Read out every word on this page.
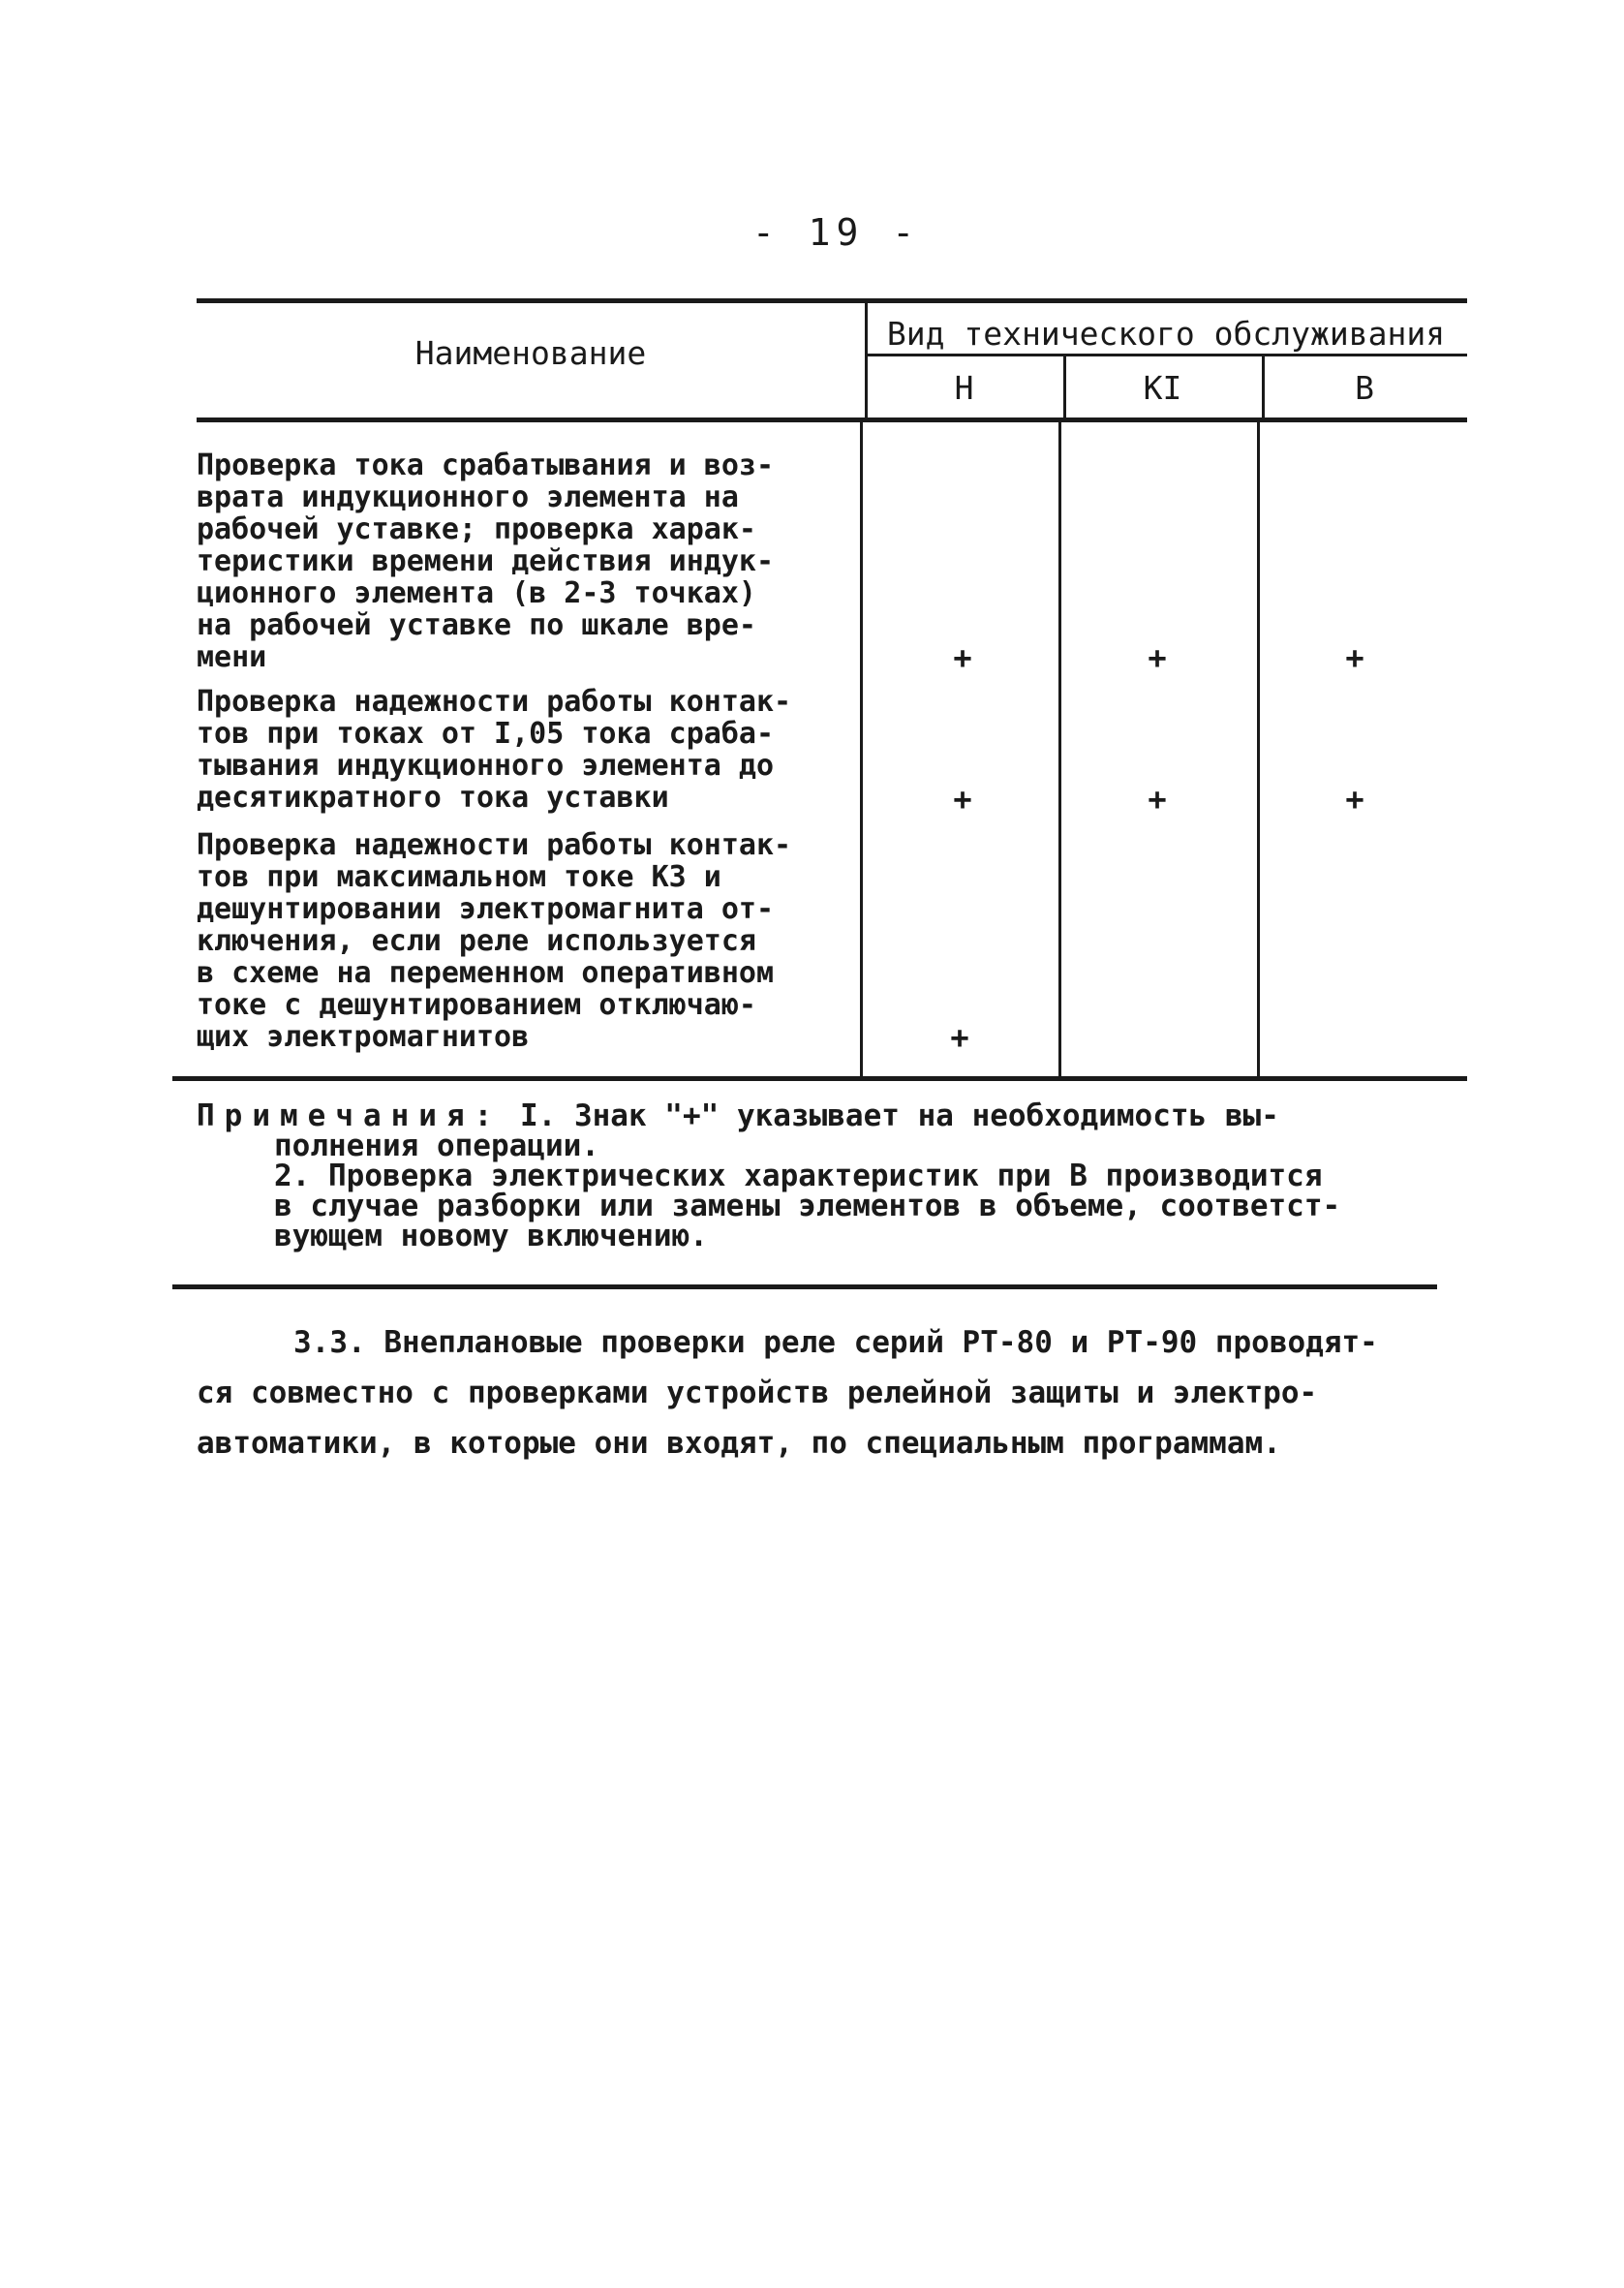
- 19 -
Наименование
Вид технического обслуживания
Н	КI	В
Проверка тока срабатывания и воз-
врата индукционного элемента на
рабочей уставке; проверка харак-
теристики времени действия индук-
ционного элемента (в 2-3 точках)
на рабочей уставке по шкале вре-
мени	+	+	+
Проверка надежности работы контак-
тов при токах от I,05 тока сраба-
тывания индукционного элемента до
десятикратного тока уставки	+	+	+
Проверка надежности работы контак-
тов при максимальном токе КЗ и
дешунтировании электромагнита от-
ключения, если реле используется
в схеме на переменном оперативном
токе с дешунтированием отключаю-
щих электромагнитов	+
Примечания: I. Знак "+" указывает на необходимость вы-
полнения операции.
2. Проверка электрических характеристик при В производится
в случае разборки или замены элементов в объеме, соответст-
вующем новому включению.
3.3. Внеплановые проверки реле серий РТ-80 и РТ-90 проводят-
ся совместно с проверками устройств релейной защиты и электро-
автоматики, в которые они входят, по специальным программам.
